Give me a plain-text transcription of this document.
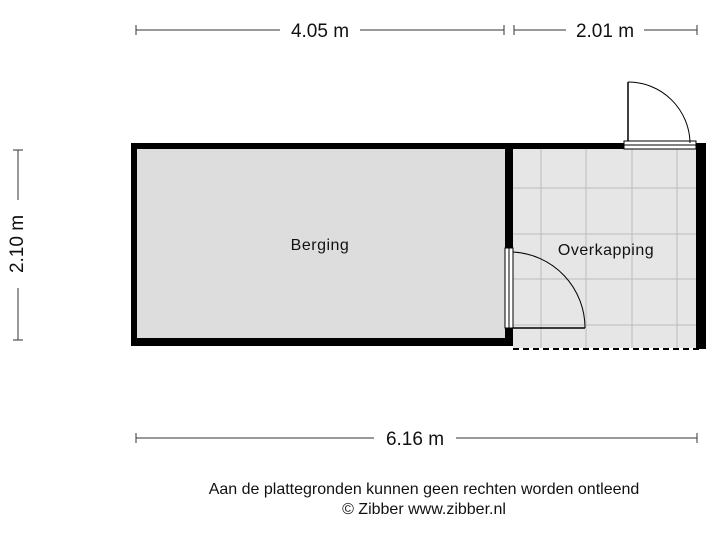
4.05 m	2.01 m
2.10 m
6.16 m
Berging	Overkapping
Aan de plattegronden kunnen geen rechten worden ontleend
© Zibber www.zibber.nl
